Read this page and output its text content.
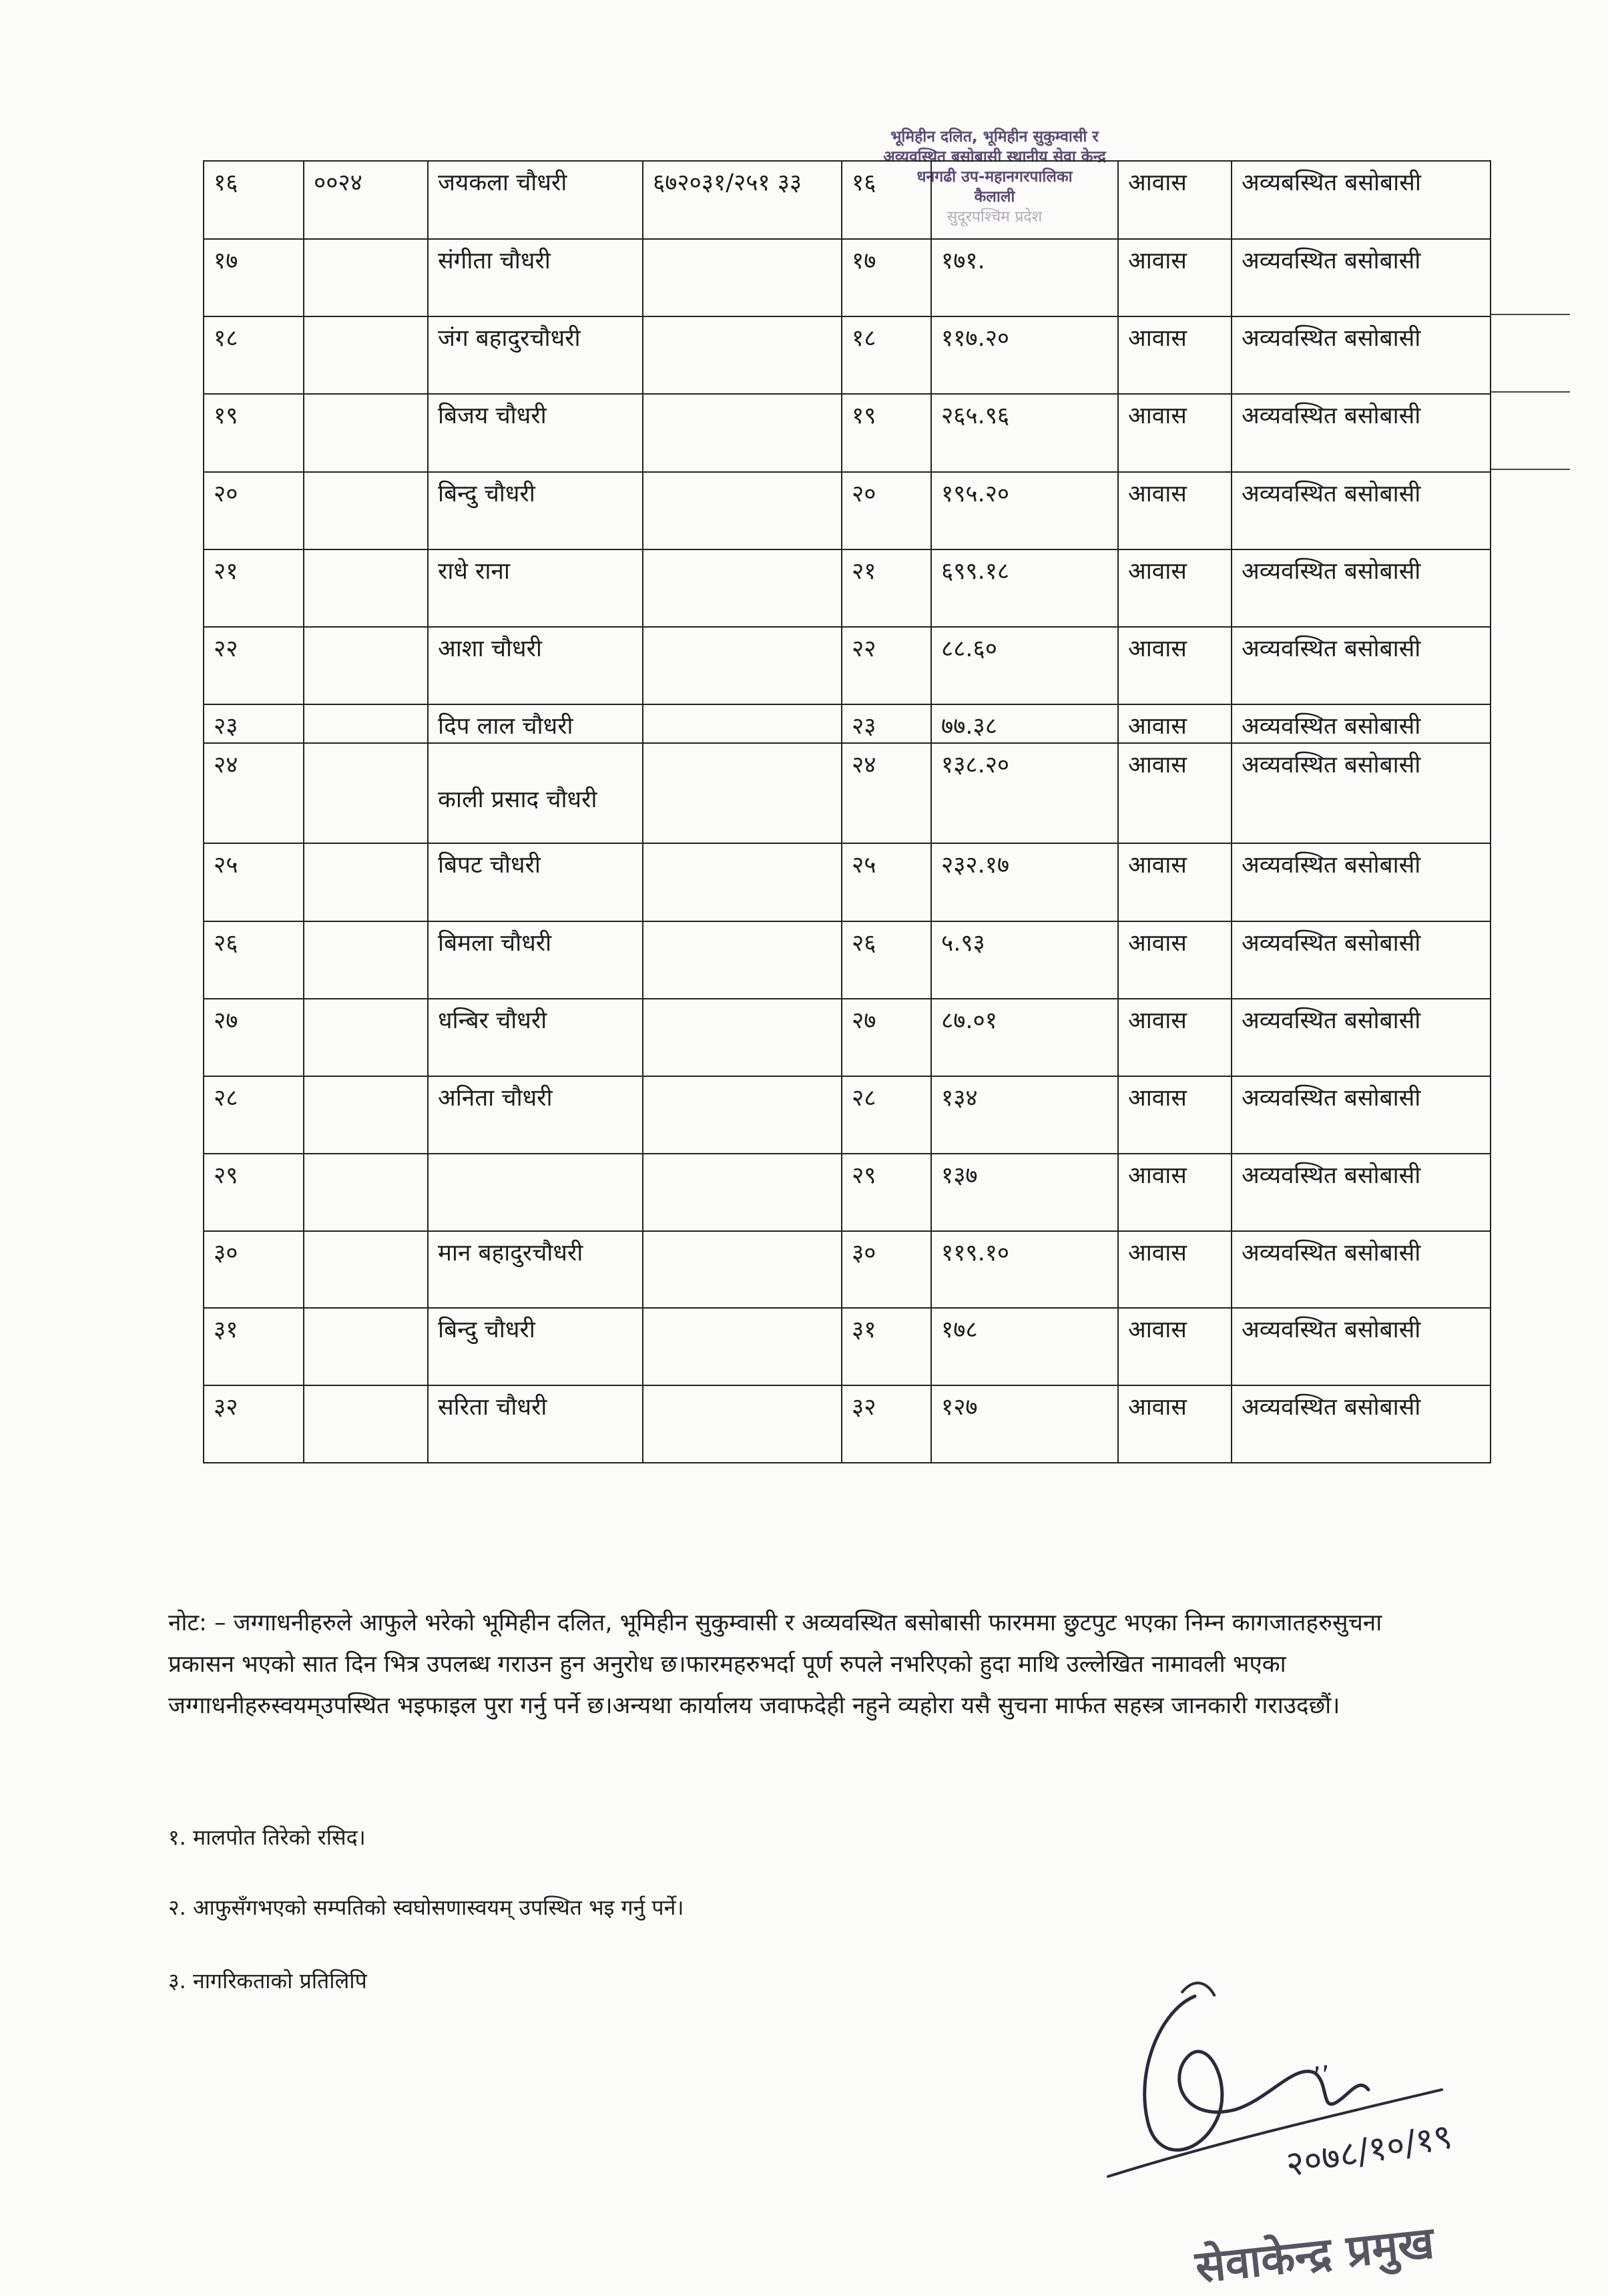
भूमिहीन दलित, भूमिहीन सुकुम्वासी र
अव्यवस्थित बसोबासी स्थानीय सेवा केन्द्र
धनगढी उप-महानगरपालिका
कैलाली
सुदूरपश्चिम प्रदेश
१६	००२४	जयकला चौधरी	६७२०३१/२५१ ३३	१६		आवास	अव्यबस्थित बसोबासी
१७		संगीता चौधरी		१७	१७१.	आवास	अव्यवस्थित बसोबासी
१८		जंग बहादुरचौधरी		१८	११७.२०	आवास	अव्यवस्थित बसोबासी
१९		बिजय चौधरी		१९	२६५.९६	आवास	अव्यवस्थित बसोबासी
२०		बिन्दु चौधरी		२०	१९५.२०	आवास	अव्यवस्थित बसोबासी
२१		राधे राना		२१	६९९.१८	आवास	अव्यवस्थित बसोबासी
२२		आशा चौधरी		२२	८८.६०	आवास	अव्यवस्थित बसोबासी
२३		दिप लाल चौधरी		२३	७७.३८	आवास	अव्यवस्थित बसोबासी
२४		काली प्रसाद चौधरी		२४	१३८.२०	आवास	अव्यवस्थित बसोबासी
२५		बिपट चौधरी		२५	२३२.१७	आवास	अव्यवस्थित बसोबासी
२६		बिमला चौधरी		२६	५.९३	आवास	अव्यवस्थित बसोबासी
२७		धन्बिर चौधरी		२७	८७.०१	आवास	अव्यवस्थित बसोबासी
२८		अनिता चौधरी		२८	१३४	आवास	अव्यवस्थित बसोबासी
२९				२९	१३७	आवास	अव्यवस्थित बसोबासी
३०		मान बहादुरचौधरी		३०	११९.१०	आवास	अव्यवस्थित बसोबासी
३१		बिन्दु चौधरी		३१	१७८	आवास	अव्यवस्थित बसोबासी
३२		सरिता चौधरी		३२	१२७	आवास	अव्यवस्थित बसोबासी

नोट: – जग्गाधनीहरुले आफुले भरेको भूमिहीन दलित, भूमिहीन सुकुम्वासी र अव्यवस्थित बसोबासी फारममा छुटपुट भएका निम्न कागजातहरुसुचना प्रकासन भएको सात दिन भित्र उपलब्ध गराउन हुन अनुरोध छ।फारमहरुभर्दा पूर्ण रुपले नभरिएको हुदा माथि उल्लेखित नामावली भएका जग्गाधनीहरुस्वयम्उपस्थित भइफाइल पुरा गर्नु पर्ने छ।अन्यथा कार्यालय जवाफदेही नहुने व्यहोरा यसै सुचना मार्फत सहस्त्र जानकारी गराउदछौं।

१. मालपोत तिरेको रसिद।
२. आफुसँगभएको सम्पतिको स्वघोसणास्वयम् उपस्थित भइ गर्नु पर्ने।
३. नागरिकताको प्रतिलिपि
’’
२०७८/१०/१९
सेवाकेन्द्र प्रमुख
